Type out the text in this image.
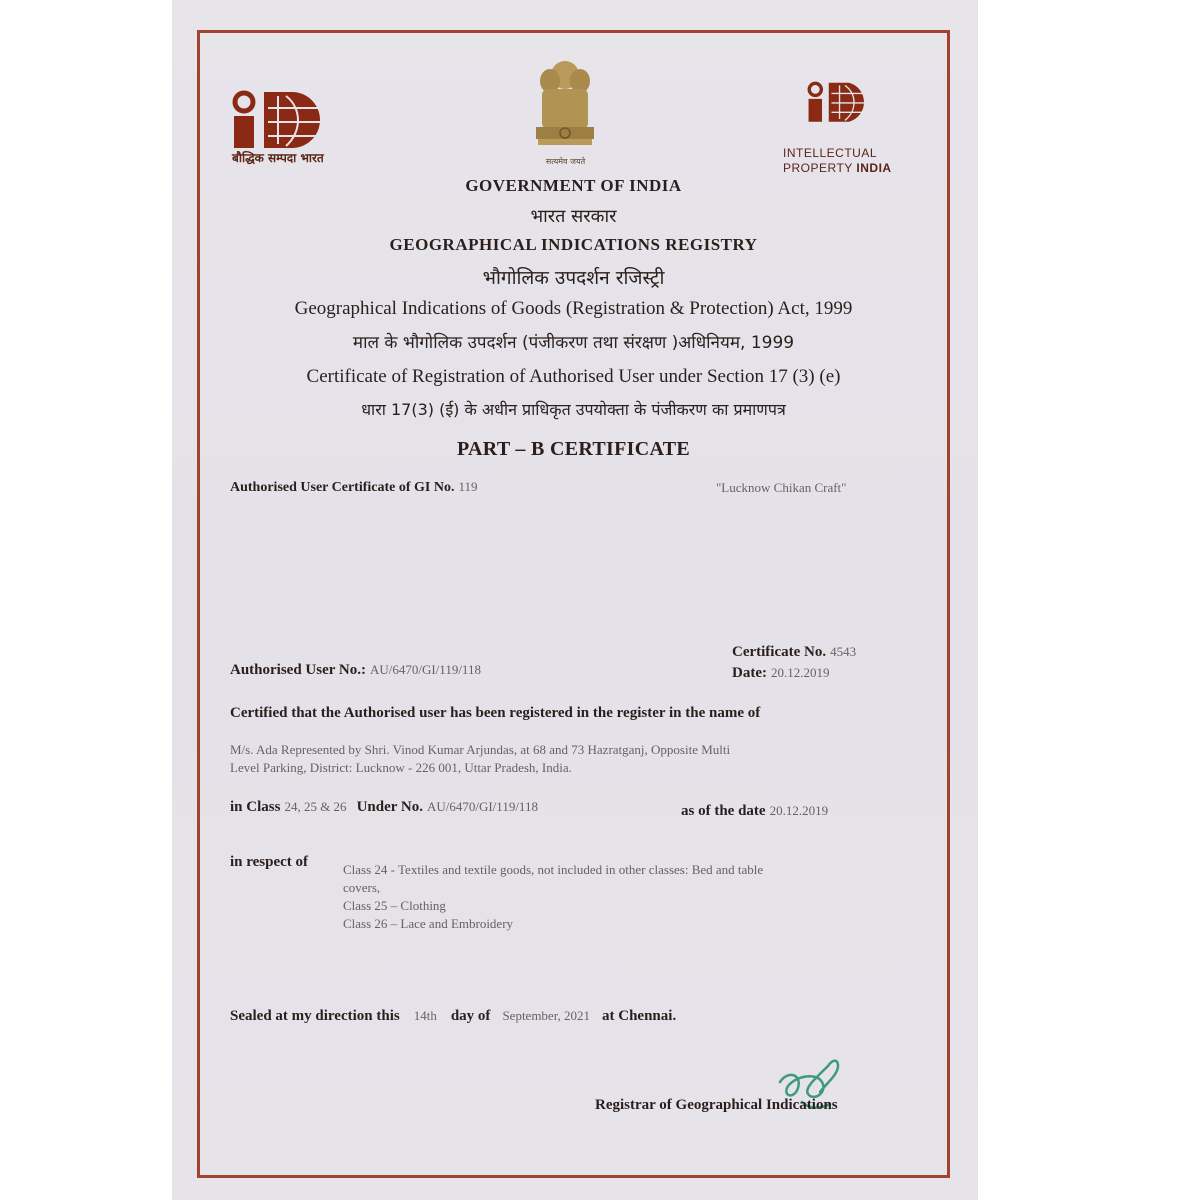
बौद्धिक सम्पदा भारत	सत्यमेव जयते
INTELLECTUAL
PROPERTY INDIA
GOVERNMENT OF INDIA
भारत सरकार
GEOGRAPHICAL INDICATIONS REGISTRY
भौगोलिक उपदर्शन रजिस्ट्री
Geographical Indications of Goods (Registration & Protection) Act, 1999
माल के भौगोलिक उपदर्शन (पंजीकरण तथा संरक्षण )अधिनियम, 1999
Certificate of Registration of Authorised User under Section 17 (3) (e)
धारा 17(3) (ई) के अधीन प्राधिकृत उपयोक्ता के पंजीकरण का प्रमाणपत्र
PART – B CERTIFICATE
Authorised User Certificate of GI No. 119	"Lucknow Chikan Craft"
Certificate No. 4543
Date: 20.12.2019
Authorised User No.: AU/6470/GI/119/118
Certified that the Authorised user has been registered in the register in the name of
M/s. Ada Represented by Shri. Vinod Kumar Arjundas, at 68 and 73 Hazratganj, Opposite Multi
Level Parking, District: Lucknow - 226 001, Uttar Pradesh, India.
in Class 24, 25 & 26 Under No. AU/6470/GI/119/118	as of the date 20.12.2019
in respect of	Class 24 - Textiles and textile goods, not included in other classes: Bed and table
covers,
Class 25 – Clothing
Class 26 – Lace and Embroidery
Sealed at my direction this 14th day of September, 2021 at Chennai.
Registrar of Geographical Indications
